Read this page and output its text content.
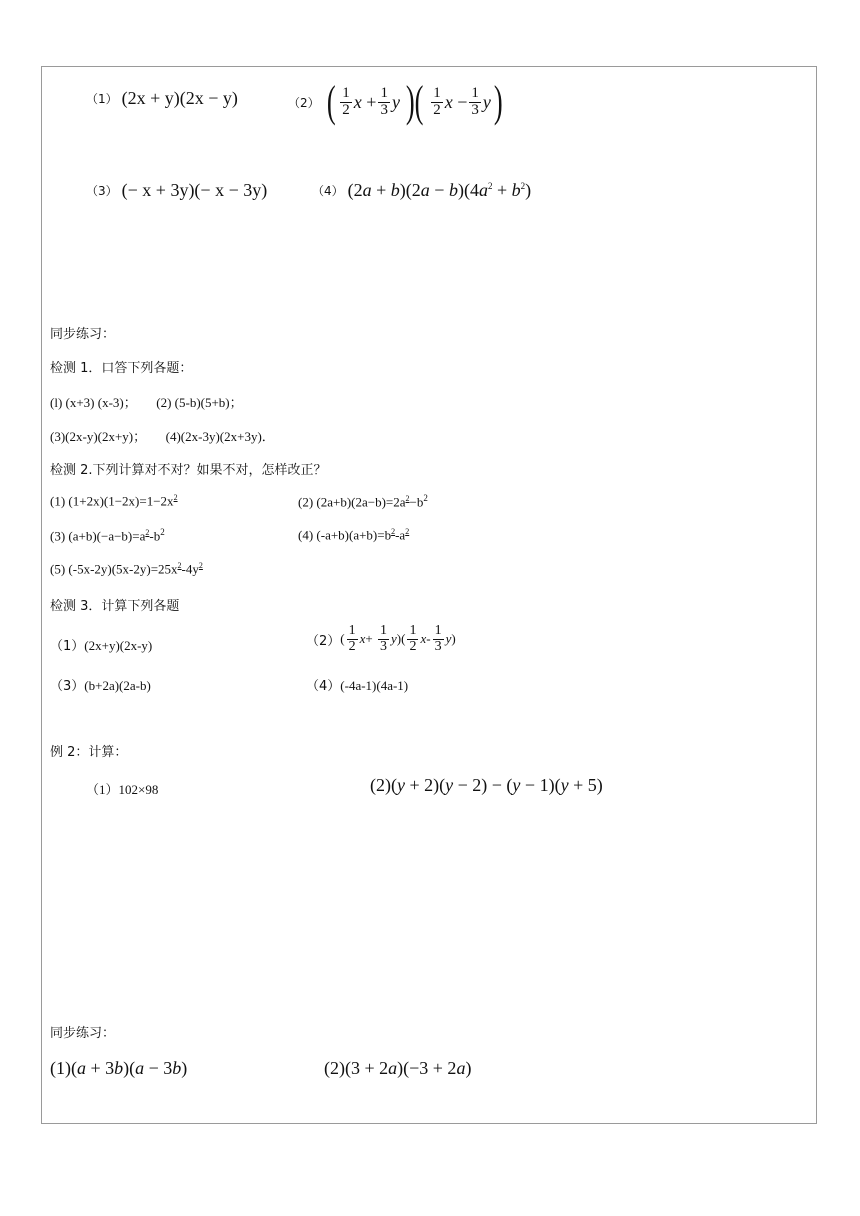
（1） (2x + y)(2x − y)	（2） ( $\frac{1}{2}$ $x + \frac{1}{3}$ y )( $\frac{1}{2}$ $x - \frac{1}{3}$ y )
（3） (− x + 3y)(− x − 3y)	（4） $(2a + b)(2a - b)(4a^2 + b^2)$
同步练习：
检测 1．口答下列各题：
(l) (x+3) (x-3)；      (2) (5-b)(5+b)；
(3)(2x-y)(2x+y)；      (4)(2x-3y)(2x+3y)．
检测 2.下列计算对不对？如果不对，怎样改正？
(1) $(1+2x)(1-2x)=1-2x^2$	(2) $(2a+b)(2a-b)=2a^2-b^2$
(3) $(a+b)(-a-b)=a^2-b^2$	(4) $(-a+b)(a+b)=b^2-a^2$
(5) $(-5x-2y)(5x-2y)=25x^2-4y^2$
检测 3．计算下列各题
（1）(2x+y)(2x-y)	（2） ( $\frac{1}{2}$ $x + \frac{1}{3}$ y )( $\frac{1}{2}$ x - $\frac{1}{3}$ y )
（3）(b+2a)(2a-b)	（4）(-4a-1)(4a-1)
例 2：计算：
（1）102×98	(2)(y + 2)(y − 2) − (y − 1)(y + 5)
同步练习：
(1)(a + 3b)(a − 3b)	(2)(3 + 2a)(−3 + 2a)
